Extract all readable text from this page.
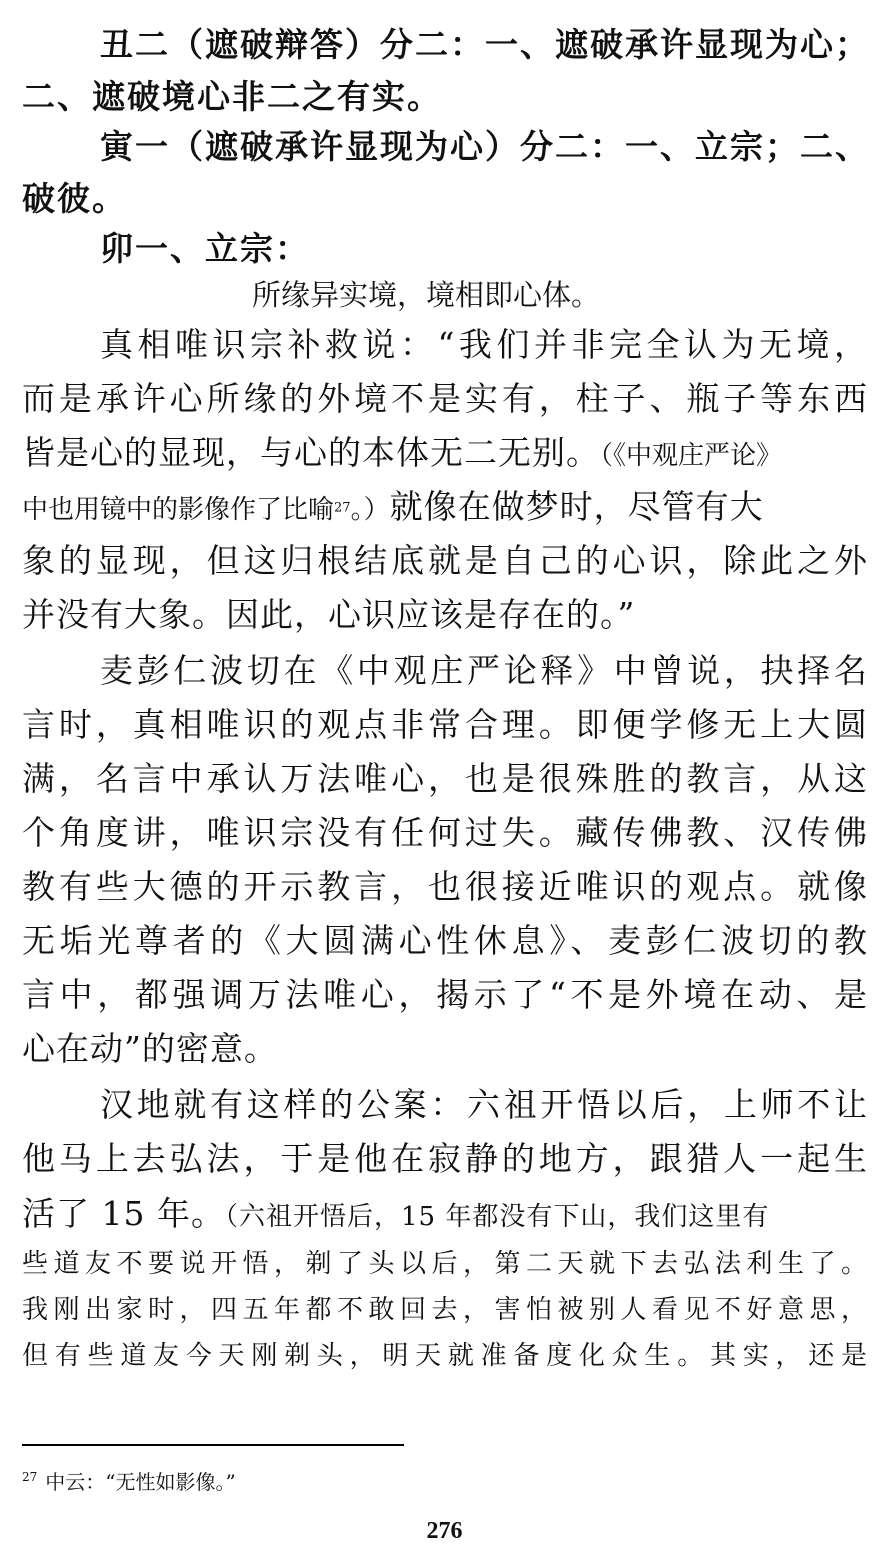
丑二（遮破辩答）分二：一、遮破承许显现为心；
二、遮破境心非二之有实。
寅一（遮破承许显现为心）分二：一、立宗；二、
破彼。
卯一、立宗：
所缘异实境，境相即心体。
真相唯识宗补救说：“我们并非完全认为无境，
而是承许心所缘的外境不是实有，柱子、瓶子等东西
皆是心的显现，与心的本体无二无别。（《中观庄严论》
中也用镜中的影像作了比喻$^{27}$。）就像在做梦时，尽管有大
象的显现，但这归根结底就是自己的心识，除此之外
并没有大象。因此，心识应该是存在的。”
麦彭仁波切在《中观庄严论释》中曾说，抉择名
言时，真相唯识的观点非常合理。即便学修无上大圆
满，名言中承认万法唯心，也是很殊胜的教言，从这
个角度讲，唯识宗没有任何过失。藏传佛教、汉传佛
教有些大德的开示教言，也很接近唯识的观点。就像
无垢光尊者的《大圆满心性休息》、麦彭仁波切的教
言中，都强调万法唯心，揭示了“不是外境在动、是
心在动”的密意。
汉地就有这样的公案：六祖开悟以后，上师不让
他马上去弘法，于是他在寂静的地方，跟猎人一起生
活了 15 年。（六祖开悟后，15 年都没有下山，我们这里有
些道友不要说开悟，剃了头以后，第二天就下去弘法利生了。
我刚出家时，四五年都不敢回去，害怕被别人看见不好意思，
但有些道友今天刚剃头，明天就准备度化众生。其实，还是
$^{27}$ 中云：“无性如影像。”
276
